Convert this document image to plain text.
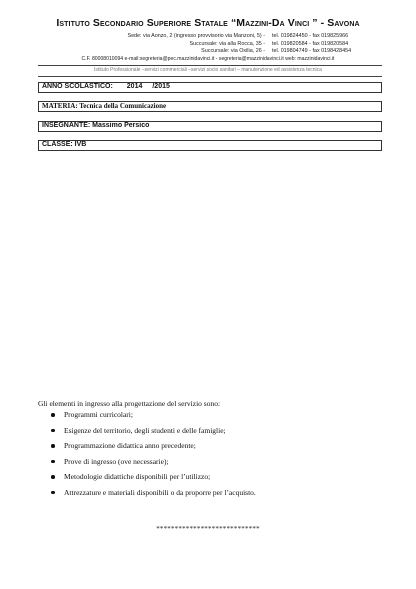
Istituto Secondario Superiore Statale “Mazzini-Da Vinci ” - Savona
Sede: via Aonzo, 2 (ingresso provvisorio via Manzoni, 5) -
Succursale: via alla Rocca, 35 -
Succursale: via Oxilia, 26 -
tel. 019824450 - fax 019825966
tel. 019820584 - fax 019820584
tel. 019804749 - fax 0198428454
C.F. 80008010094 e-mail:segreteria@pec.mazzinidavinci.it - segreteria@mazzinidavinci.it web: mazzinidavinci.it
Istituto Professionale –servizi commerciali –servizi socio sanitari – manutenzione ed assistenza tecnica
ANNO SCOLASTICO: 2014 /2015
MATERIA: Tecnica della Comunicazione
INSEGNANTE: Massimo Persico
CLASSE: IVB
Gli elementi in ingresso alla progettazione del servizio sono:
Programmi curricolari;
Esigenze del territorio, degli studenti e delle famiglie;
Programmazione didattica anno precedente;
Prove di ingresso (ove necessarie);
Metodologie didattiche disponibili per l’utilizzo;
Attrezzature e materiali disponibili o da proporre per l’acquisto.
****************************
